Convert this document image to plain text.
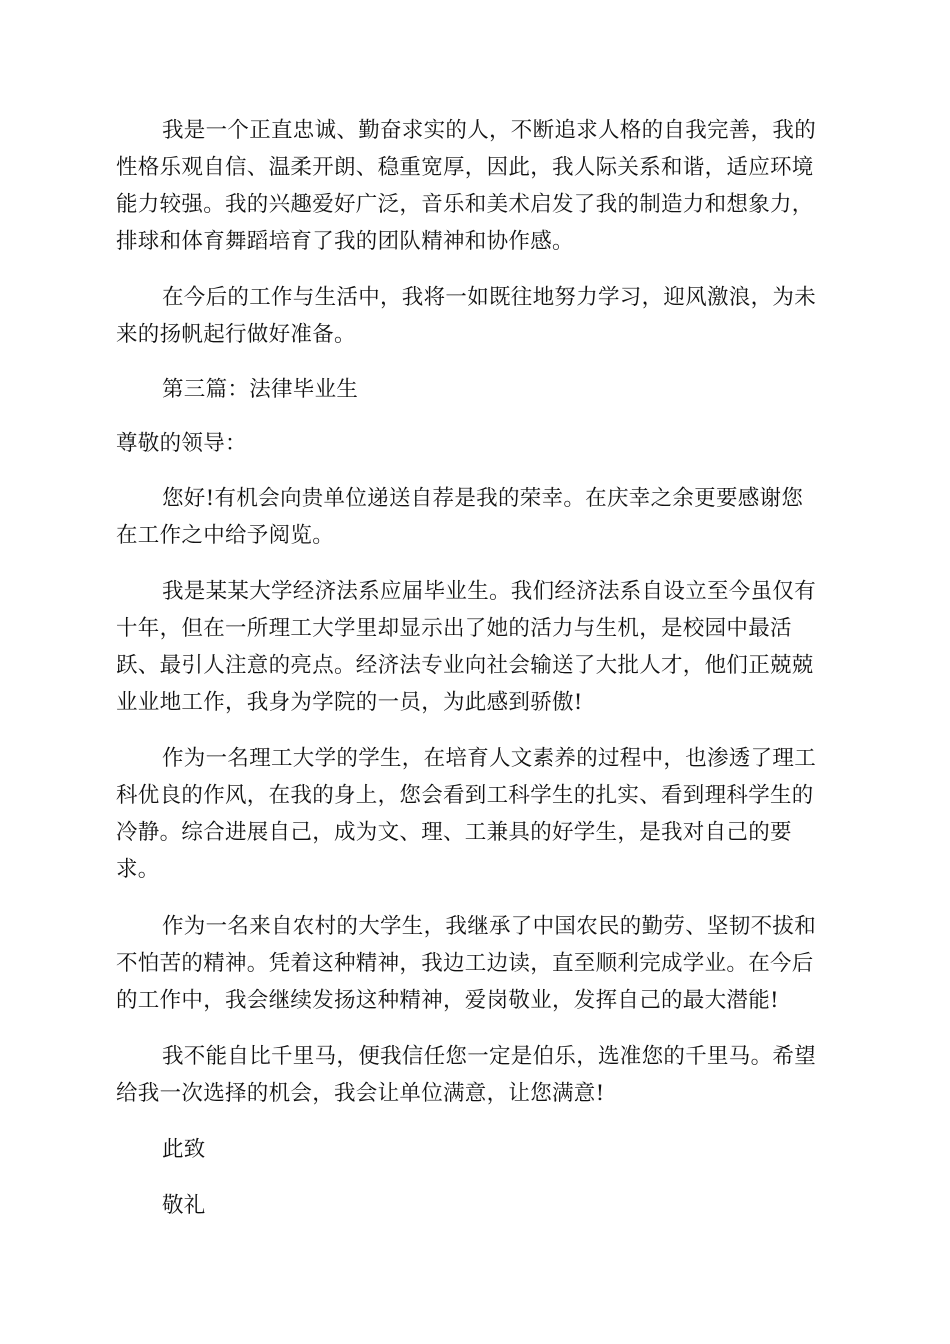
我是一个正直忠诚、勤奋求实的人，不断追求人格的自我完善，我的
性格乐观自信、温柔开朗、稳重宽厚，因此，我人际关系和谐，适应环境
能力较强。我的兴趣爱好广泛，音乐和美术启发了我的制造力和想象力，
排球和体育舞蹈培育了我的团队精神和协作感。
在今后的工作与生活中，我将一如既往地努力学习，迎风激浪，为未
来的扬帆起行做好准备。
第三篇：法律毕业生
尊敬的领导：
您好!有机会向贵单位递送自荐是我的荣幸。在庆幸之余更要感谢您
在工作之中给予阅览。
我是某某大学经济法系应届毕业生。我们经济法系自设立至今虽仅有
十年，但在一所理工大学里却显示出了她的活力与生机，是校园中最活
跃、最引人注意的亮点。经济法专业向社会输送了大批人才，他们正兢兢
业业地工作，我身为学院的一员，为此感到骄傲!
作为一名理工大学的学生，在培育人文素养的过程中，也渗透了理工
科优良的作风，在我的身上，您会看到工科学生的扎实、看到理科学生的
冷静。综合进展自己，成为文、理、工兼具的好学生，是我对自己的要
求。
作为一名来自农村的大学生，我继承了中国农民的勤劳、坚韧不拔和
不怕苦的精神。凭着这种精神，我边工边读，直至顺利完成学业。在今后
的工作中，我会继续发扬这种精神，爱岗敬业，发挥自己的最大潜能!
我不能自比千里马，便我信任您一定是伯乐，选准您的千里马。希望
给我一次选择的机会，我会让单位满意，让您满意!
此致
敬礼
